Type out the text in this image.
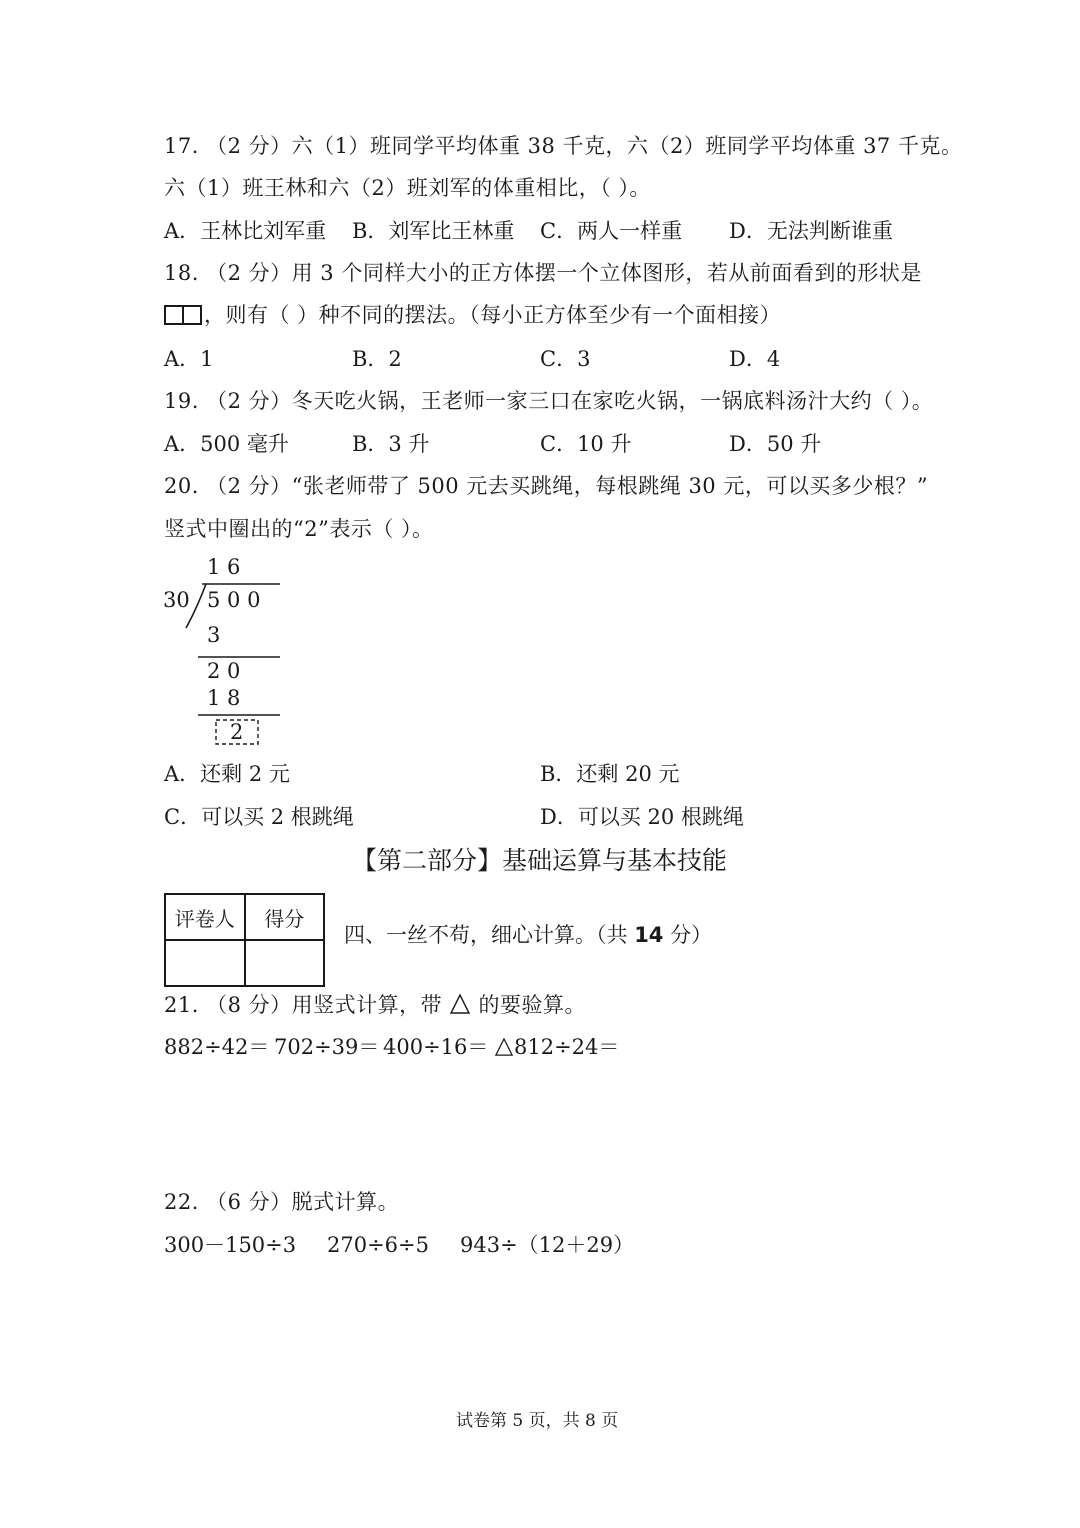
17. （2 分）六（1）班同学平均体重 38 千克，六（2）班同学平均体重 37 千克。
六（1）班王林和六（2）班刘军的体重相比，（ ）。
A．王林比刘军重 B．刘军比王林重 C．两人一样重 D．无法判断谁重
18. （2 分）用 3 个同样大小的正方体摆一个立体图形，若从前面看到的形状是
，则有（ ）种不同的摆法。（每小正方体至少有一个面相接）
A．1	B．2	C．3	D．4
19. （2 分）冬天吃火锅，王老师一家三口在家吃火锅，一锅底料汤汁大约（ ）。
A．500 毫升	B．3 升	C．10 升	D．50 升
20. （2 分）“张老师带了 500 元去买跳绳，每根跳绳 30 元，可以买多少根？”
竖式中圈出的“2”表示（ ）。
1 6
30 5 0 0
3
2 0
1 8
2
A．还剩 2 元	B．还剩 20 元
C．可以买 2 根跳绳	D．可以买 20 根跳绳
【第二部分】基础运算与基本技能
评卷人	得分

四、一丝不苟，细心计算。（共 14 分）
21. （8 分）用竖式计算，带 的要验算。
882÷42＝ 702÷39＝ 400÷16＝	812÷24＝
22. （6 分）脱式计算。
300－150÷3 270÷6÷5 943÷（12＋29）
试卷第 5 页，共 8 页
